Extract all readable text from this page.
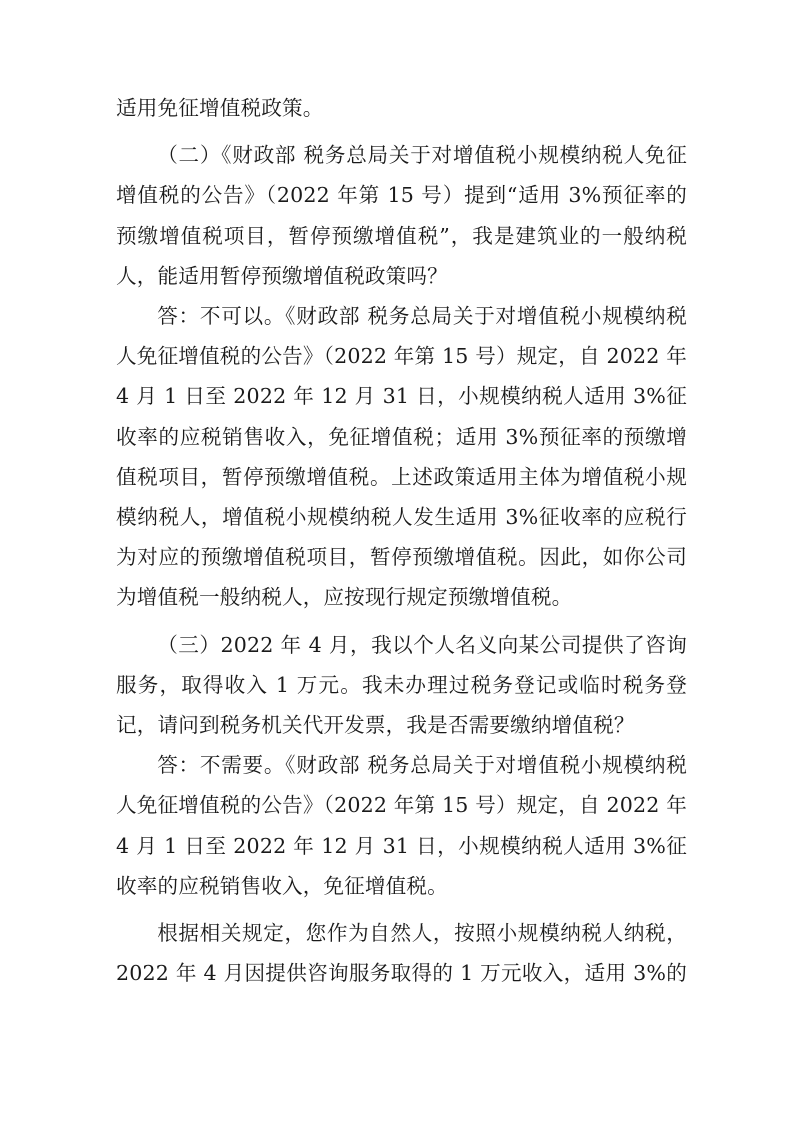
适用免征增值税政策。

（二）《财政部 税务总局关于对增值税小规模纳税人免征增值税的公告》（2022 年第 15 号）提到“适用 3%预征率的预缴增值税项目，暂停预缴增值税”，我是建筑业的一般纳税人，能适用暂停预缴增值税政策吗？

答：不可以。《财政部 税务总局关于对增值税小规模纳税人免征增值税的公告》（2022 年第 15 号）规定，自 2022 年 4 月 1 日至 2022 年 12 月 31 日，小规模纳税人适用 3%征收率的应税销售收入，免征增值税；适用 3%预征率的预缴增值税项目，暂停预缴增值税。上述政策适用主体为增值税小规模纳税人，增值税小规模纳税人发生适用 3%征收率的应税行为对应的预缴增值税项目，暂停预缴增值税。因此，如你公司为增值税一般纳税人，应按现行规定预缴增值税。

（三）2022 年 4 月，我以个人名义向某公司提供了咨询服务，取得收入 1 万元。我未办理过税务登记或临时税务登记，请问到税务机关代开发票，我是否需要缴纳增值税？

答：不需要。《财政部 税务总局关于对增值税小规模纳税人免征增值税的公告》（2022 年第 15 号）规定，自 2022 年 4 月 1 日至 2022 年 12 月 31 日，小规模纳税人适用 3%征收率的应税销售收入，免征增值税。

根据相关规定，您作为自然人，按照小规模纳税人纳税，2022 年 4 月因提供咨询服务取得的 1 万元收入，适用 3%的
